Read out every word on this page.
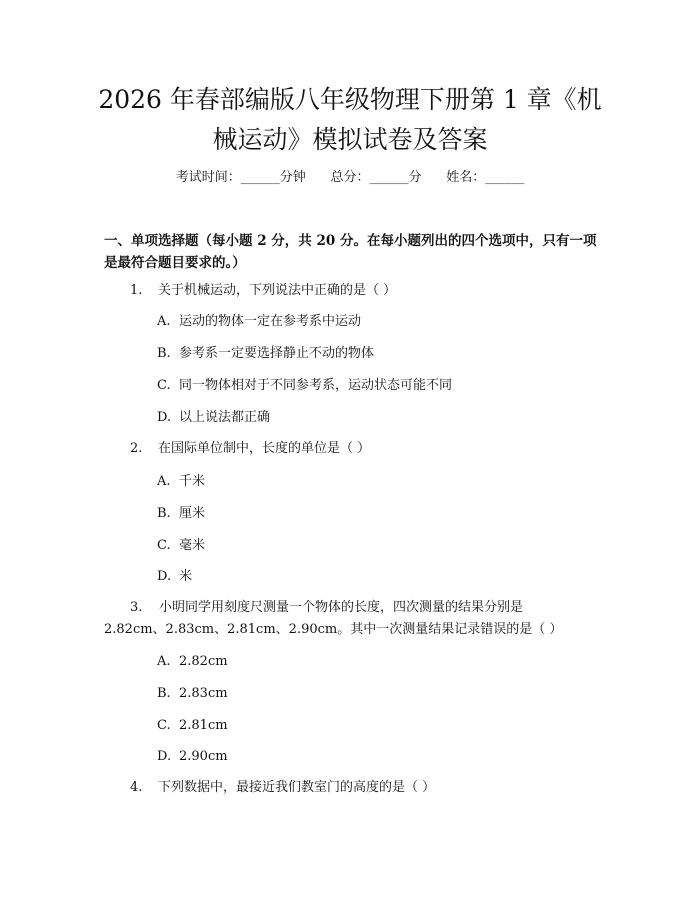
2026 年春部编版八年级物理下册第 1 章《机
械运动》模拟试卷及答案
考试时间：______分钟      总分：______分      姓名：______

一、单项选择题（每小题 2 分，共 20 分。在每小题列出的四个选项中，只有一项
是最符合题目要求的。）

1. 关于机械运动，下列说法中正确的是（ ）

A. 运动的物体一定在参考系中运动

B. 参考系一定要选择静止不动的物体

C. 同一物体相对于不同参考系，运动状态可能不同

D. 以上说法都正确

2. 在国际单位制中，长度的单位是（ ）

A. 千米

B. 厘米

C. 毫米

D. 米

3. 小明同学用刻度尺测量一个物体的长度，四次测量的结果分别是
2.82cm、2.83cm、2.81cm、2.90cm。其中一次测量结果记录错误的是（ ）

A. 2.82cm

B. 2.83cm

C. 2.81cm

D. 2.90cm

4. 下列数据中，最接近我们教室门的高度的是（ ）
